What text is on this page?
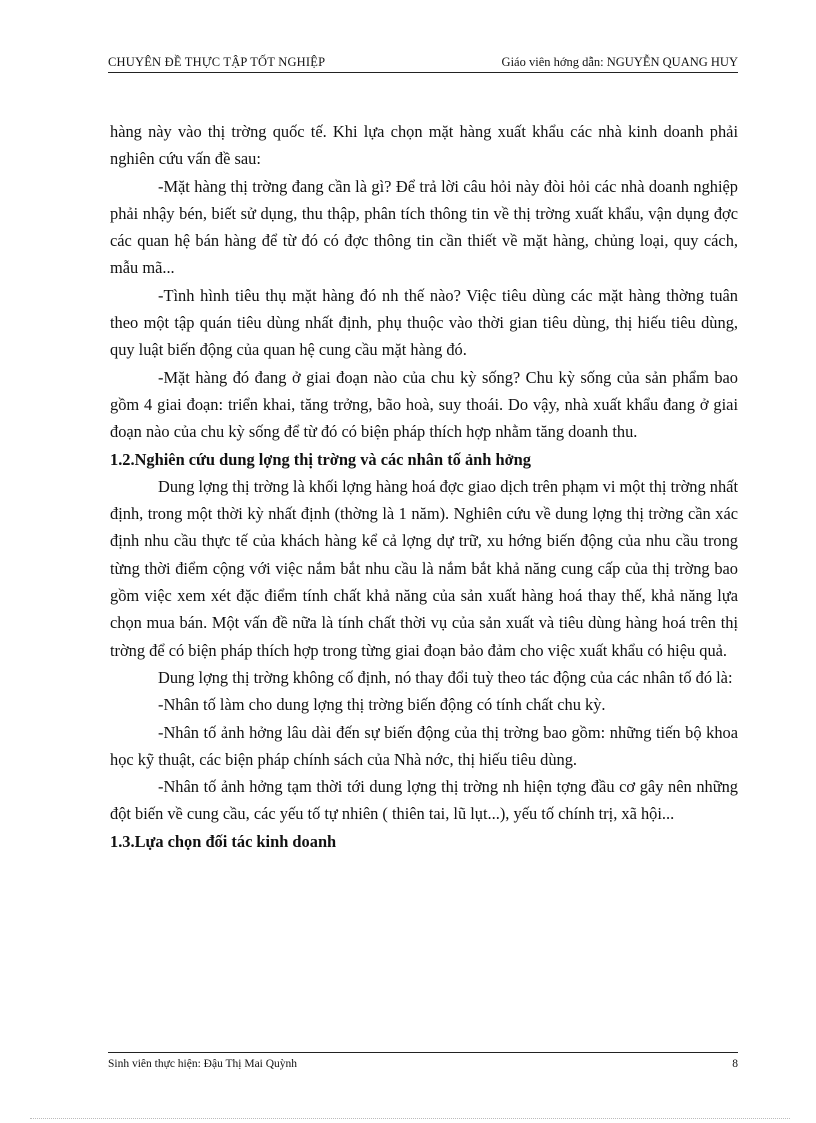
CHUYÊN ĐỀ THỰC TẬP TỐT NGHIỆP	Giáo viên hớng dẫn: NGUYỄN QUANG HUY

hàng này vào thị trờng quốc tế. Khi lựa chọn mặt hàng xuất khẩu các nhà kinh doanh phải nghiên cứu vấn đề sau:

-Mặt hàng thị trờng đang cần là gì? Để trả lời câu hỏi này đòi hỏi các nhà doanh nghiệp phải nhậy bén, biết sử dụng, thu thập, phân tích thông tin về thị trờng xuất khẩu, vận dụng đợc các quan hệ bán hàng để từ đó có đợc thông tin cần thiết về mặt hàng, chủng loại, quy cách, mẫu mã...

-Tình hình tiêu thụ mặt hàng đó nh thế nào? Việc tiêu dùng các mặt hàng thờng tuân theo một tập quán tiêu dùng nhất định, phụ thuộc vào thời gian tiêu dùng, thị hiếu tiêu dùng, quy luật biến động của quan hệ cung cầu mặt hàng đó.

-Mặt hàng đó đang ở giai đoạn nào của chu kỳ sống? Chu kỳ sống của sản phẩm bao gồm 4 giai đoạn: triển khai, tăng trởng, bão hoà, suy thoái. Do vậy, nhà xuất khẩu đang ở giai đoạn nào của chu kỳ sống để từ đó có biện pháp thích hợp nhằm tăng doanh thu.

1.2.Nghiên cứu dung lợng thị trờng và các nhân tố ảnh hởng

Dung lợng thị trờng là khối lợng hàng hoá đợc giao dịch trên phạm vi một thị trờng nhất định, trong một thời kỳ nhất định (thờng là 1 năm). Nghiên cứu về dung lợng thị trờng cần xác định nhu cầu thực tế của khách hàng kể cả lợng dự trữ, xu hớng biến động của nhu cầu trong từng thời điểm cộng với việc nắm bắt nhu cầu là nắm bắt khả năng cung cấp của thị trờng bao gồm việc xem xét đặc điểm tính chất khả năng của sản xuất hàng hoá thay thế, khả năng lựa chọn mua bán. Một vấn đề nữa là tính chất thời vụ của sản xuất và tiêu dùng hàng hoá trên thị trờng để có biện pháp thích hợp trong từng giai đoạn bảo đảm cho việc xuất khẩu có hiệu quả.

Dung lợng thị trờng không cố định, nó thay đổi tuỳ theo tác động của các nhân tố đó là:

-Nhân tố làm cho dung lợng thị trờng biến động có tính chất chu kỳ.

-Nhân tố ảnh hởng lâu dài đến sự biến động của thị trờng bao gồm: những tiến bộ khoa học kỹ thuật, các biện pháp chính sách của Nhà nớc, thị hiếu tiêu dùng.

-Nhân tố ảnh hởng tạm thời tới dung lợng thị trờng nh hiện tợng đầu cơ gây nên những đột biến về cung cầu, các yếu tố tự nhiên ( thiên tai, lũ lụt...), yếu tố chính trị, xã hội...

1.3.Lựa chọn đối tác kinh doanh

Sinh viên thực hiện: Đậu Thị Mai Quỳnh	8
